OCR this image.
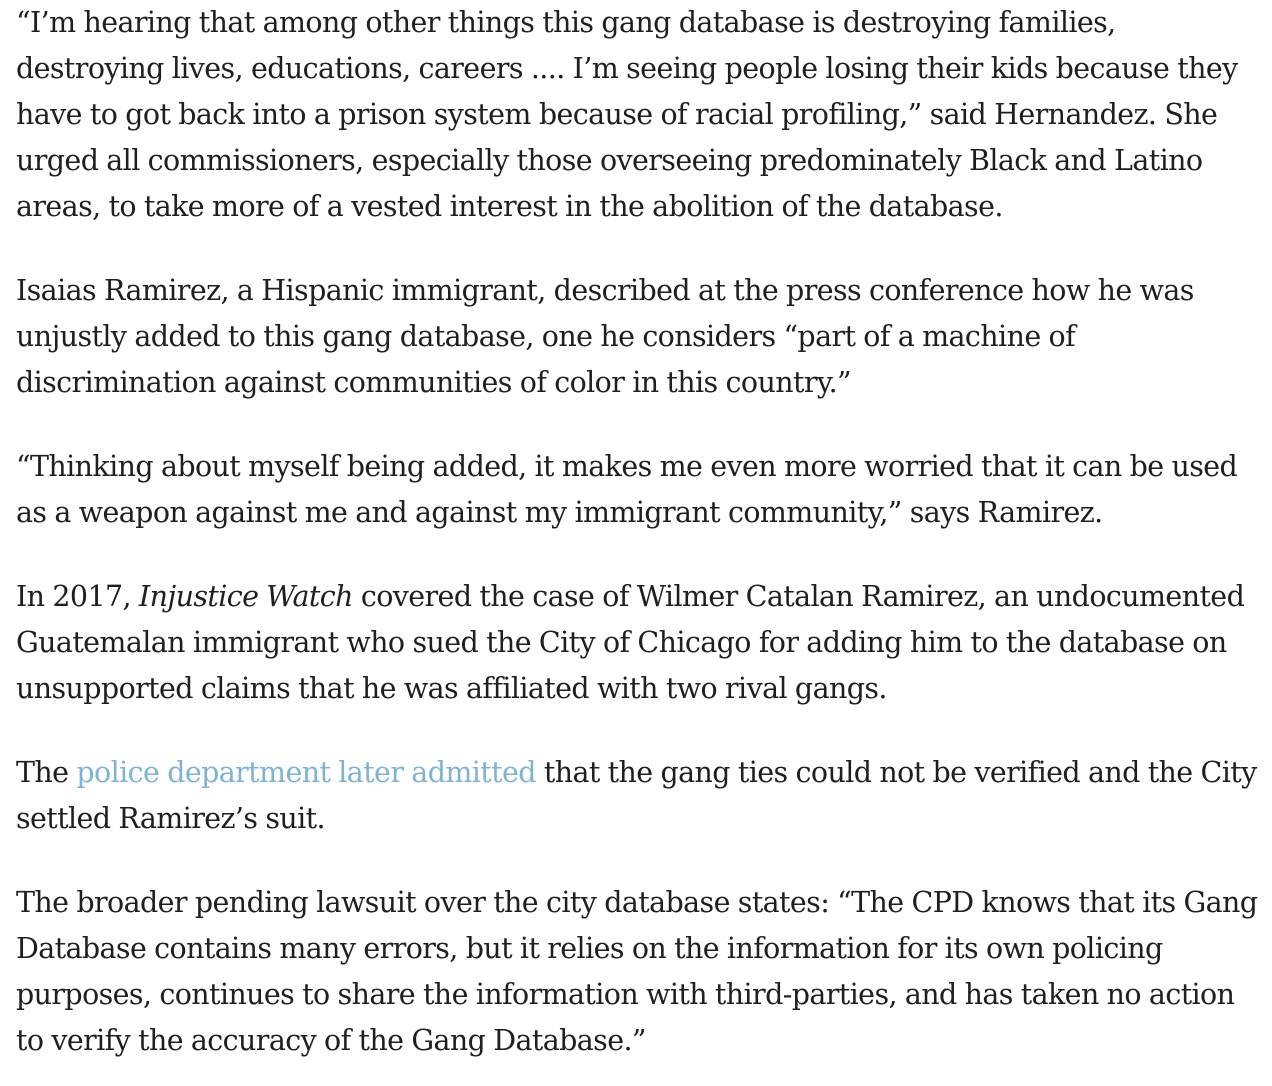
“I’m hearing that among other things this gang database is destroying families,
destroying lives, educations, careers .... I’m seeing people losing their kids because they
have to got back into a prison system because of racial profiling,” said Hernandez. She
urged all commissioners, especially those overseeing predominately Black and Latino
areas, to take more of a vested interest in the abolition of the database.

Isaias Ramirez, a Hispanic immigrant, described at the press conference how he was
unjustly added to this gang database, one he considers “part of a machine of
discrimination against communities of color in this country.”

“Thinking about myself being added, it makes me even more worried that it can be used
as a weapon against me and against my immigrant community,” says Ramirez.

In 2017, Injustice Watch covered the case of Wilmer Catalan Ramirez, an undocumented
Guatemalan immigrant who sued the City of Chicago for adding him to the database on
unsupported claims that he was affiliated with two rival gangs.

The police department later admitted that the gang ties could not be verified and the City
settled Ramirez’s suit.

The broader pending lawsuit over the city database states: “The CPD knows that its Gang
Database contains many errors, but it relies on the information for its own policing
purposes, continues to share the information with third-parties, and has taken no action
to verify the accuracy of the Gang Database.”
